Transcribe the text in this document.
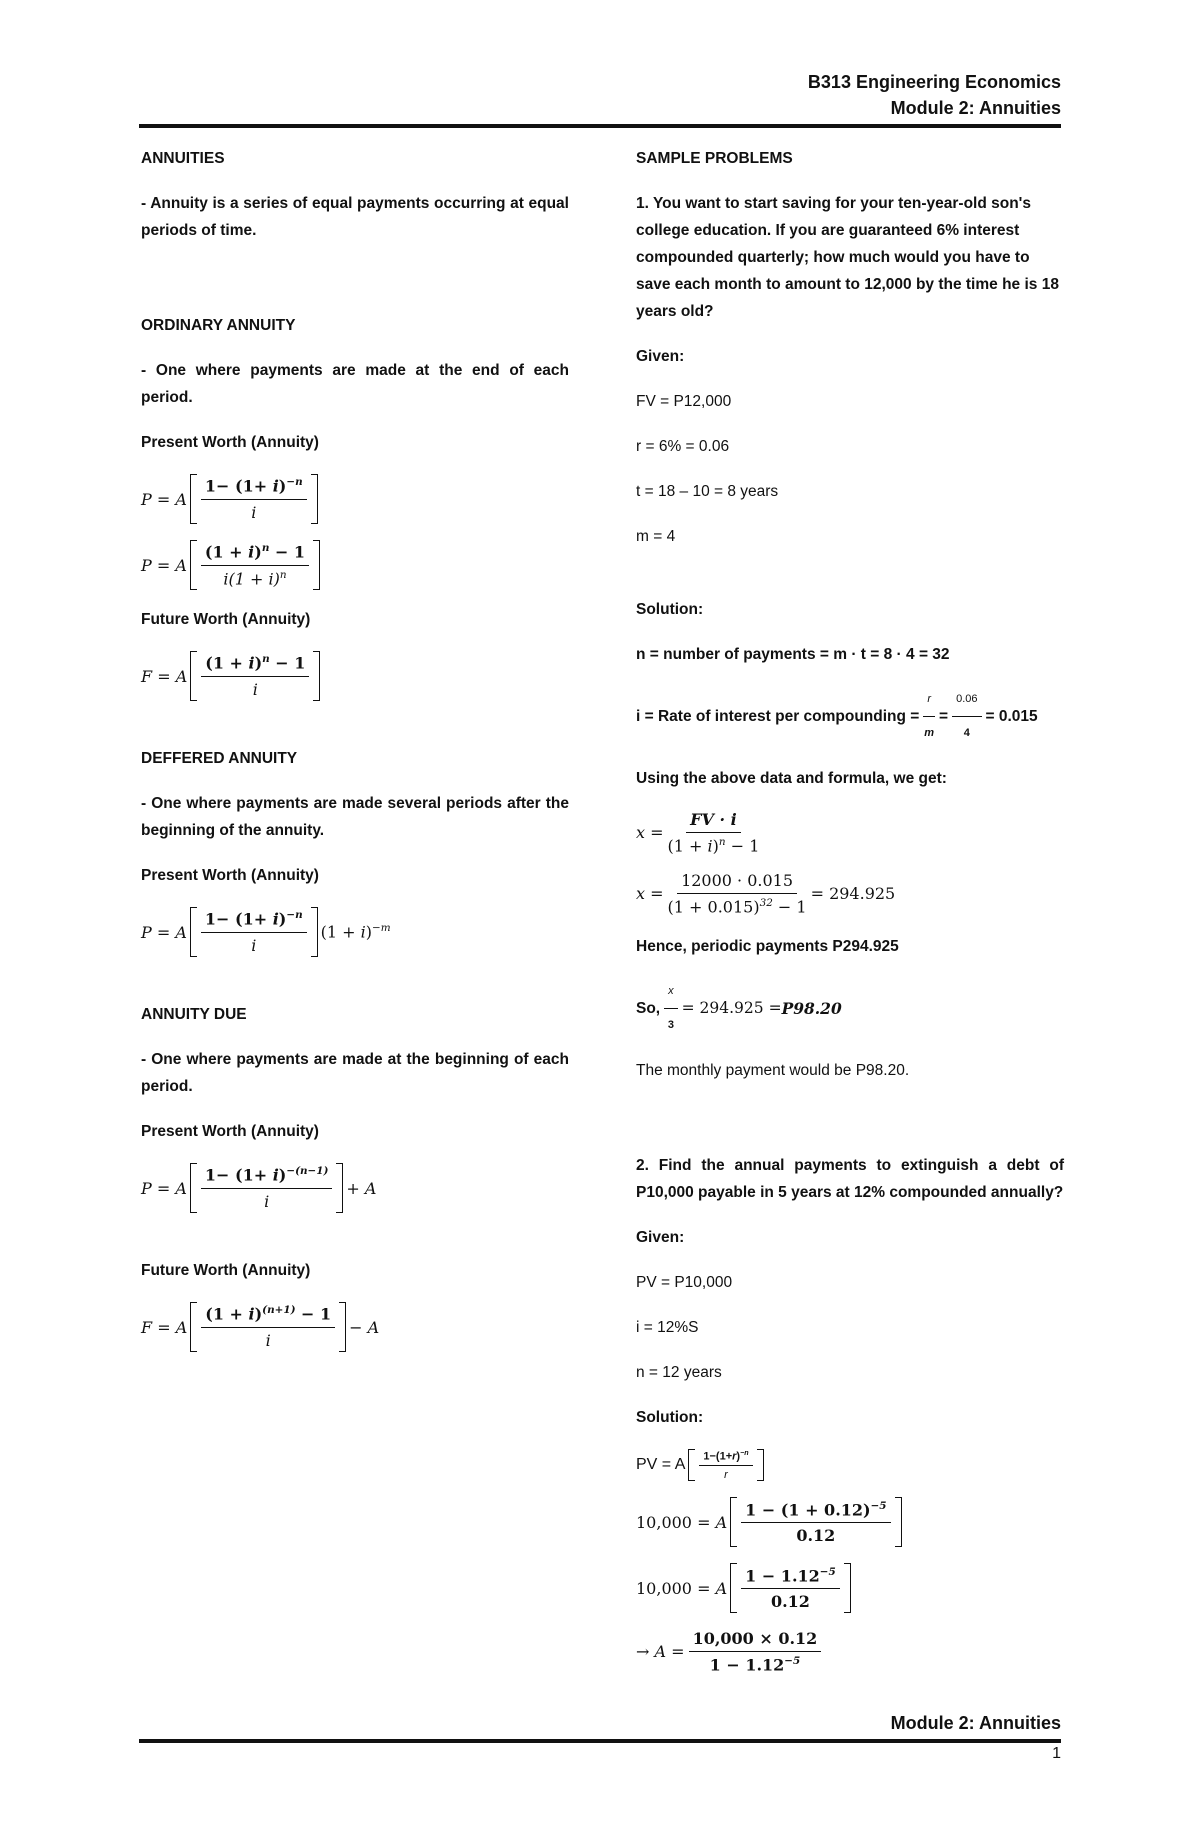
B313 Engineering Economics
Module 2: Annuities

ANNUITIES

- Annuity is a series of equal payments occurring at equal periods of time.

ORDINARY ANNUITY

- One where payments are made at the end of each period.

Present Worth (Annuity)

P = A $\frac{1- (1+ i)^{-n}}{i}$
P = A $\frac{(1 + i)^n - 1}{i(1 + i)^n}$

Future Worth (Annuity)

F = A $\frac{(1 + i)^n - 1}{i}$

DEFFERED ANNUITY

- One where payments are made several periods after the beginning of the annuity.

Present Worth (Annuity)

P = A $\frac{1- (1+ i)^{-n}}{i} (1 + i)^{-m}$

ANNUITY DUE

- One where payments are made at the beginning of each period.

Present Worth (Annuity)

P = A $\frac{1- (1+ i)^{-(n-1)}}{i} + A$

Future Worth (Annuity)

F = A $\frac{(1 + i)^{(n+1)} - 1}{i} - A$

SAMPLE PROBLEMS

1. You want to start saving for your ten-year-old son's college education. If you are guaranteed 6% interest compounded quarterly; how much would you have to save each month to amount to 12,000 by the time he is 18 years old?

Given:

FV = P12,000

r = 6% = 0.06

t = 18 – 10 = 8 years

m = 4

Solution:

n = number of payments = m · t = 8 · 4 = 32

i = Rate of interest per compounding = $\frac{r}{m} = \frac{0.06}{4} = 0.015$

Using the above data and formula, we get:

$x = \frac{FV \cdot i}{(1 + i)^n - 1}$
$x = \frac{12000 \cdot 0.015}{(1 + 0.015)^{32} - 1} = 294.925$

Hence, periodic payments P294.925

So, $\frac{x}{3} = 294.925 = P98.20$

The monthly payment would be P98.20.

2. Find the annual payments to extinguish a debt of P10,000 payable in 5 years at 12% compounded annually?

Given:

PV = P10,000

i = 12%S

n = 12 years

Solution:

PV = A $\frac{1-(1+r)^{-n}}{r}$
10,000 = A $\frac{1 - (1 + 0.12)^{-5}}{0.12}$
10,000 = A $\frac{1 - 1.12^{-5}}{0.12}$
→ $A = \frac{10,000 \times 0.12}{1 - 1.12^{-5}}$
Module 2: Annuities
1
